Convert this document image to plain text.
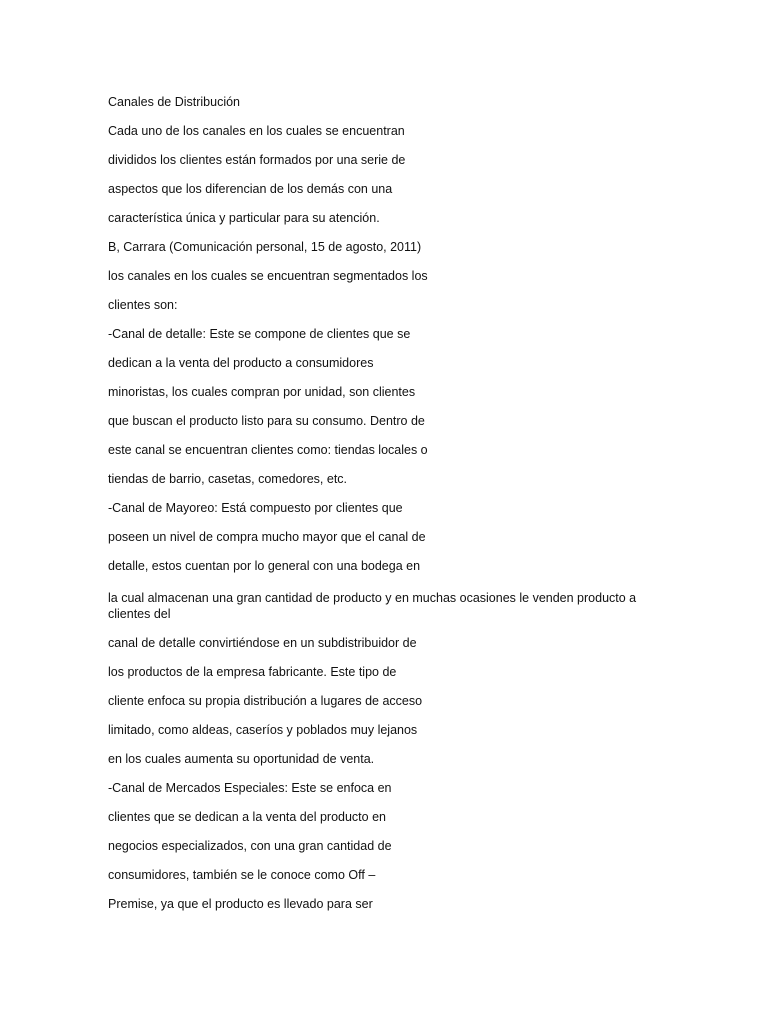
Canales de Distribución
Cada uno de los canales en los cuales se encuentran
divididos los clientes están formados por una serie de
aspectos que los diferencian de los demás con una
característica única y particular para su atención.
B, Carrara (Comunicación personal, 15 de agosto, 2011)
los canales en los cuales se encuentran segmentados los
clientes son:
-Canal de detalle: Este se compone de clientes que se
dedican a la venta del producto a consumidores
minoristas, los cuales compran por unidad, son clientes
que buscan el producto listo para su consumo. Dentro de
este canal se encuentran clientes como: tiendas locales o
tiendas de barrio, casetas, comedores, etc.
-Canal de Mayoreo: Está compuesto por clientes que
poseen un nivel de compra mucho mayor que el canal de
detalle, estos cuentan por lo general con una bodega en
la cual almacenan una gran cantidad de producto y en muchas ocasiones le venden producto a clientes del
canal de detalle convirtiéndose en un subdistribuidor de
los productos de la empresa fabricante. Este tipo de
cliente enfoca su propia distribución a lugares de acceso
limitado, como aldeas, caseríos y poblados muy lejanos
en los cuales aumenta su oportunidad de venta.
-Canal de Mercados Especiales: Este se enfoca en
clientes que se dedican a la venta del producto en
negocios especializados, con una gran cantidad de
consumidores, también se le conoce como Off –
Premise, ya que el producto es llevado para ser
